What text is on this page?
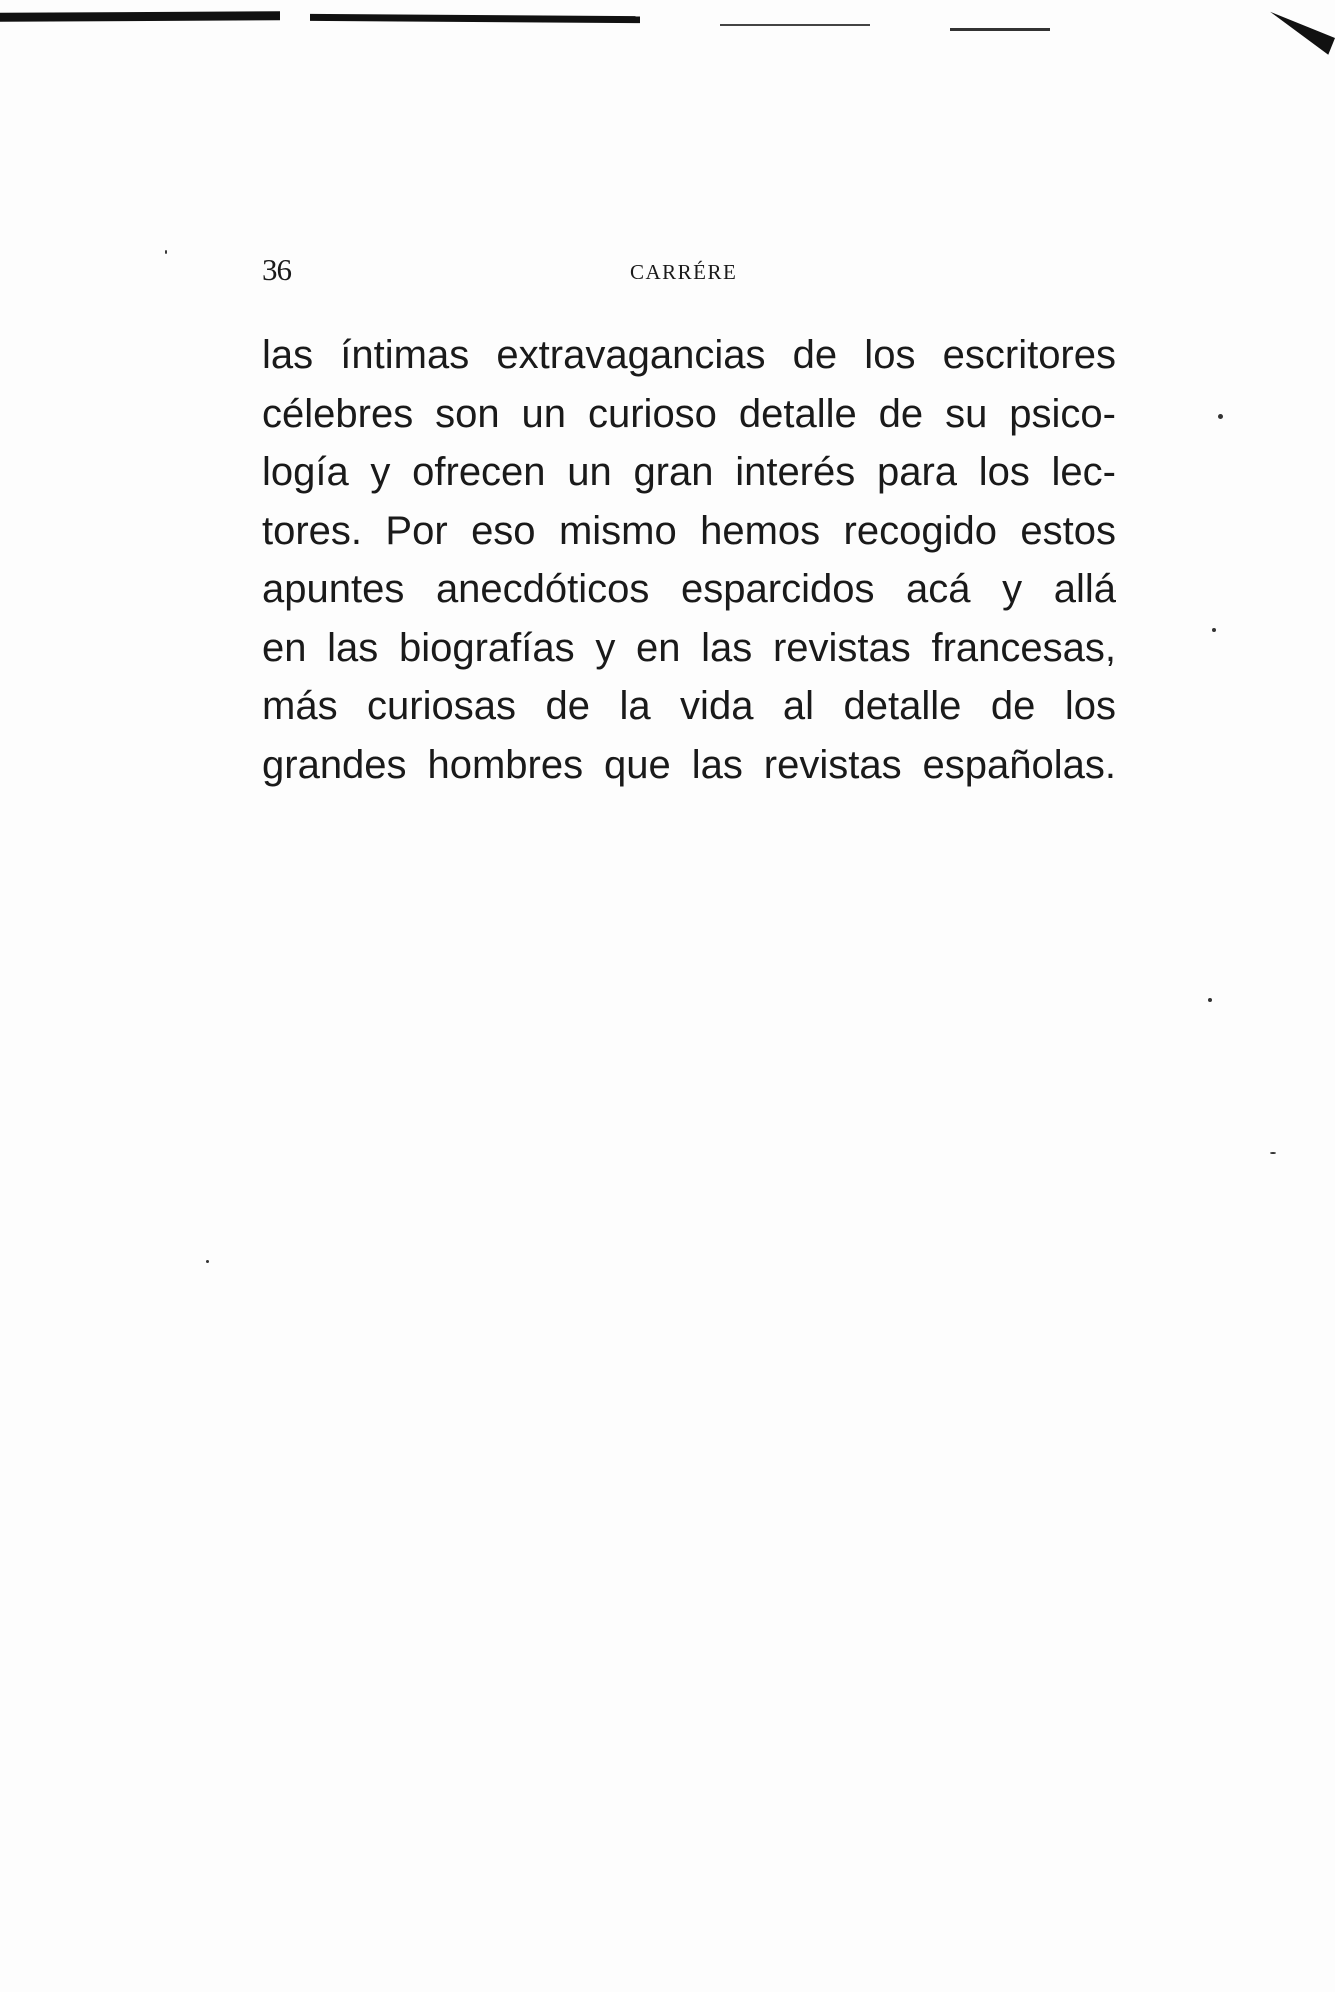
36	CARRÉRE

las íntimas extravagancias de los escritores
célebres son un curioso detalle de su psico-
logía y ofrecen un gran interés para los lec-
tores. Por eso mismo hemos recogido estos
apuntes anecdóticos esparcidos acá y allá
en las biografías y en las revistas francesas,
más curiosas de la vida al detalle de los
grandes hombres que las revistas españolas.
